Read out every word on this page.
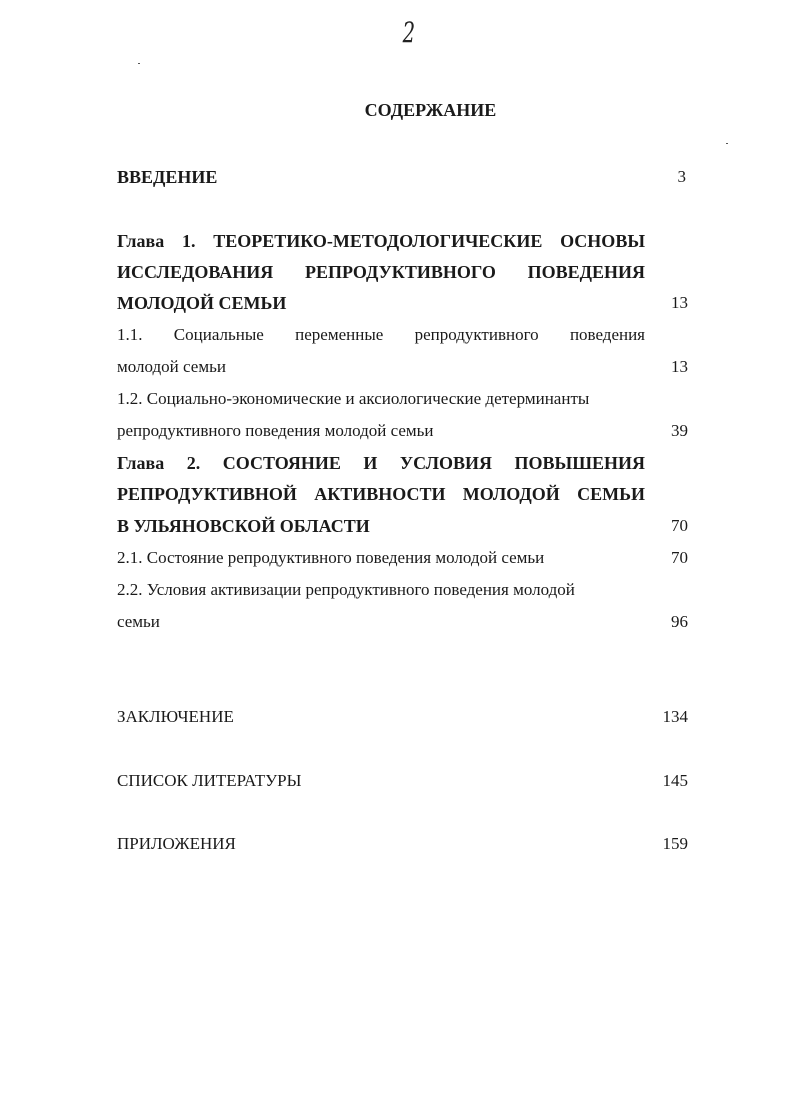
2
СОДЕРЖАНИЕ
ВВЕДЕНИЕ	3
Глава 1. ТЕОРЕТИКО-МЕТОДОЛОГИЧЕСКИЕ ОСНОВЫ
ИССЛЕДОВАНИЯ РЕПРОДУКТИВНОГО ПОВЕДЕНИЯ
МОЛОДОЙ СЕМЬИ	13
1.1. Социальные переменные репродуктивного поведения
молодой семьи	13
1.2. Социально-экономические и аксиологические детерминанты
репродуктивного поведения молодой семьи	39
Глава 2. СОСТОЯНИЕ И УСЛОВИЯ ПОВЫШЕНИЯ
РЕПРОДУКТИВНОЙ АКТИВНОСТИ МОЛОДОЙ СЕМЬИ
В УЛЬЯНОВСКОЙ ОБЛАСТИ	70
2.1. Состояние репродуктивного поведения молодой семьи	70
2.2. Условия активизации репродуктивного поведения молодой
семьи	96
ЗАКЛЮЧЕНИЕ	134
СПИСОК ЛИТЕРАТУРЫ	145
ПРИЛОЖЕНИЯ	159
